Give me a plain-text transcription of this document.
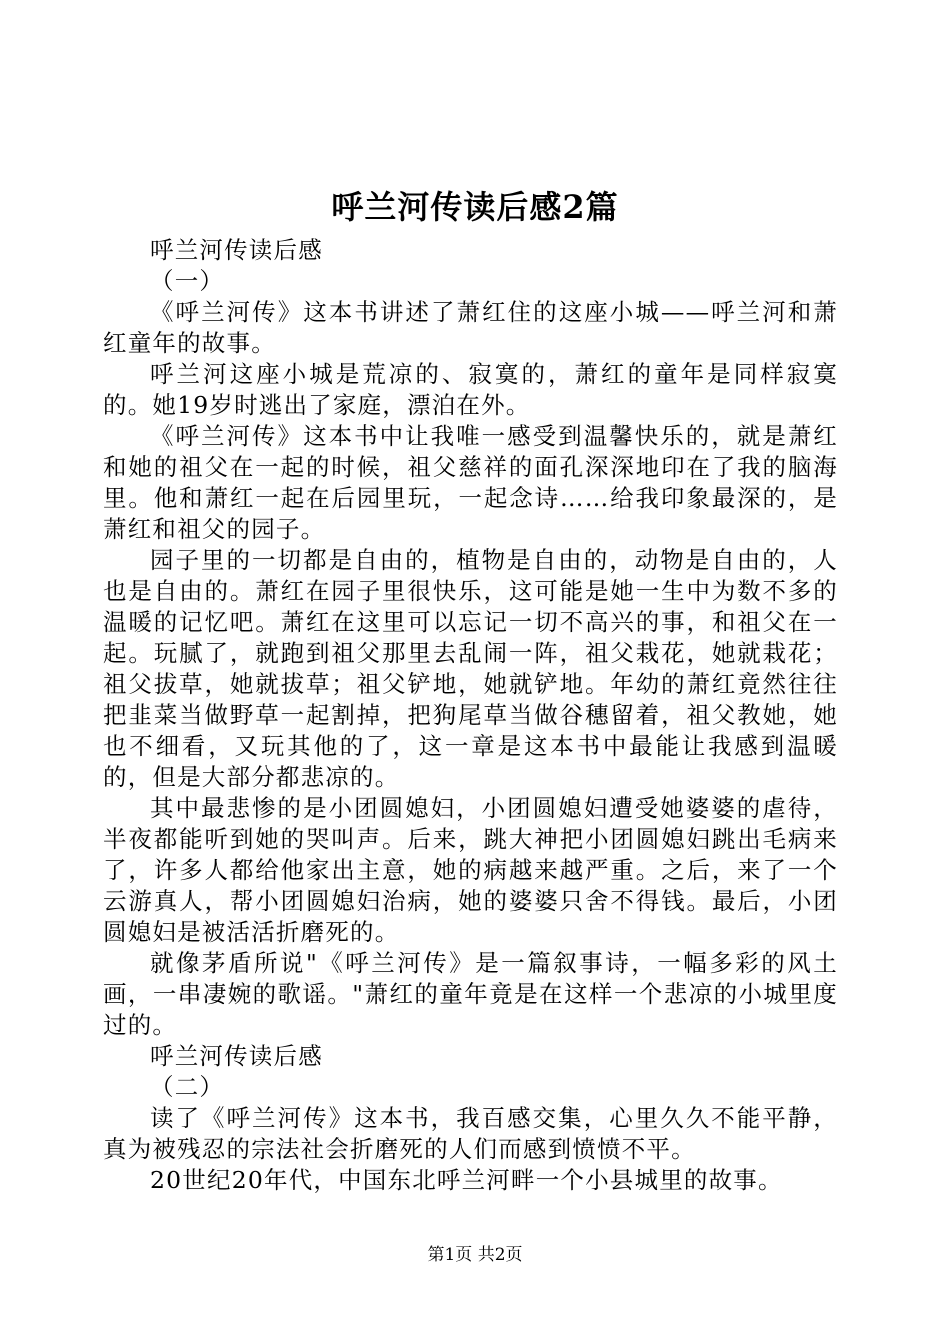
呼兰河传读后感2篇

呼兰河传读后感

（一）

《呼兰河传》这本书讲述了萧红住的这座小城——呼兰河和萧红童年的故事。

呼兰河这座小城是荒凉的、寂寞的，萧红的童年是同样寂寞的。她19岁时逃出了家庭，漂泊在外。

《呼兰河传》这本书中让我唯一感受到温馨快乐的，就是萧红和她的祖父在一起的时候，祖父慈祥的面孔深深地印在了我的脑海里。他和萧红一起在后园里玩，一起念诗……给我印象最深的，是萧红和祖父的园子。

园子里的一切都是自由的，植物是自由的，动物是自由的，人也是自由的。萧红在园子里很快乐，这可能是她一生中为数不多的温暖的记忆吧。萧红在这里可以忘记一切不高兴的事，和祖父在一起。玩腻了，就跑到祖父那里去乱闹一阵，祖父栽花，她就栽花；祖父拔草，她就拔草；祖父铲地，她就铲地。年幼的萧红竟然往往把韭菜当做野草一起割掉，把狗尾草当做谷穗留着，祖父教她，她也不细看，又玩其他的了，这一章是这本书中最能让我感到温暖的，但是大部分都悲凉的。

其中最悲惨的是小团圆媳妇，小团圆媳妇遭受她婆婆的虐待，半夜都能听到她的哭叫声。后来，跳大神把小团圆媳妇跳出毛病来了，许多人都给他家出主意，她的病越来越严重。之后，来了一个云游真人，帮小团圆媳妇治病，她的婆婆只舍不得钱。最后，小团圆媳妇是被活活折磨死的。

就像茅盾所说"《呼兰河传》是一篇叙事诗，一幅多彩的风土画，一串凄婉的歌谣。"萧红的童年竟是在这样一个悲凉的小城里度过的。

呼兰河传读后感

（二）

读了《呼兰河传》这本书，我百感交集，心里久久不能平静，真为被残忍的宗法社会折磨死的人们而感到愤愤不平。

20世纪20年代，中国东北呼兰河畔一个小县城里的故事。

第1页 共2页
